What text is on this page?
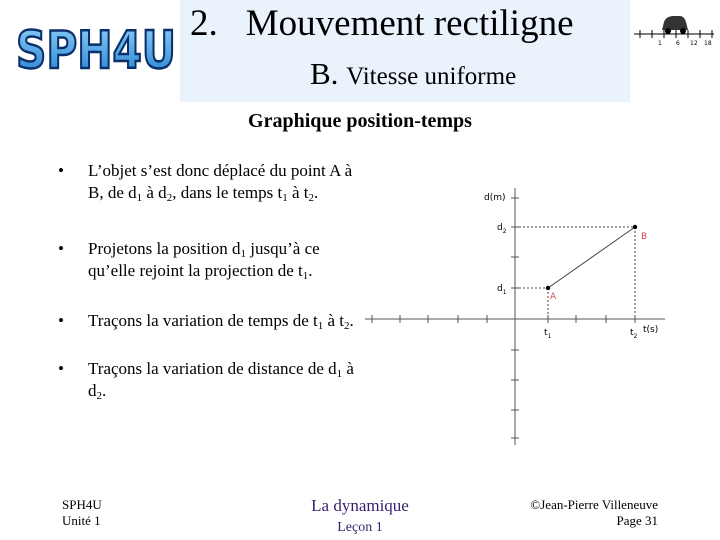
SPH4U 2. Mouvement rectiligne
B. Vitesse uniforme
1 6 12 18
Graphique position-temps
• L’objet s’est donc déplacé du point A à B, de $d_1$ à $d_2$, dans le temps $t_1$ à $t_2$.
• Projetons la position $d_1$ jusqu’à ce qu’elle rejoint la projection de $t_1$.
• Traçons la variation de temps de $t_1$ à $t_2$.
• Traçons la variation de distance de $d_1$ à $d_2$.
A
B
d(m)
t(s)
$d_2$
$d_1$
$t_1$	$t_2$
SPH4U
Unité 1
La dynamique
Leçon 1
©Jean-Pierre Villeneuve
Page 31
